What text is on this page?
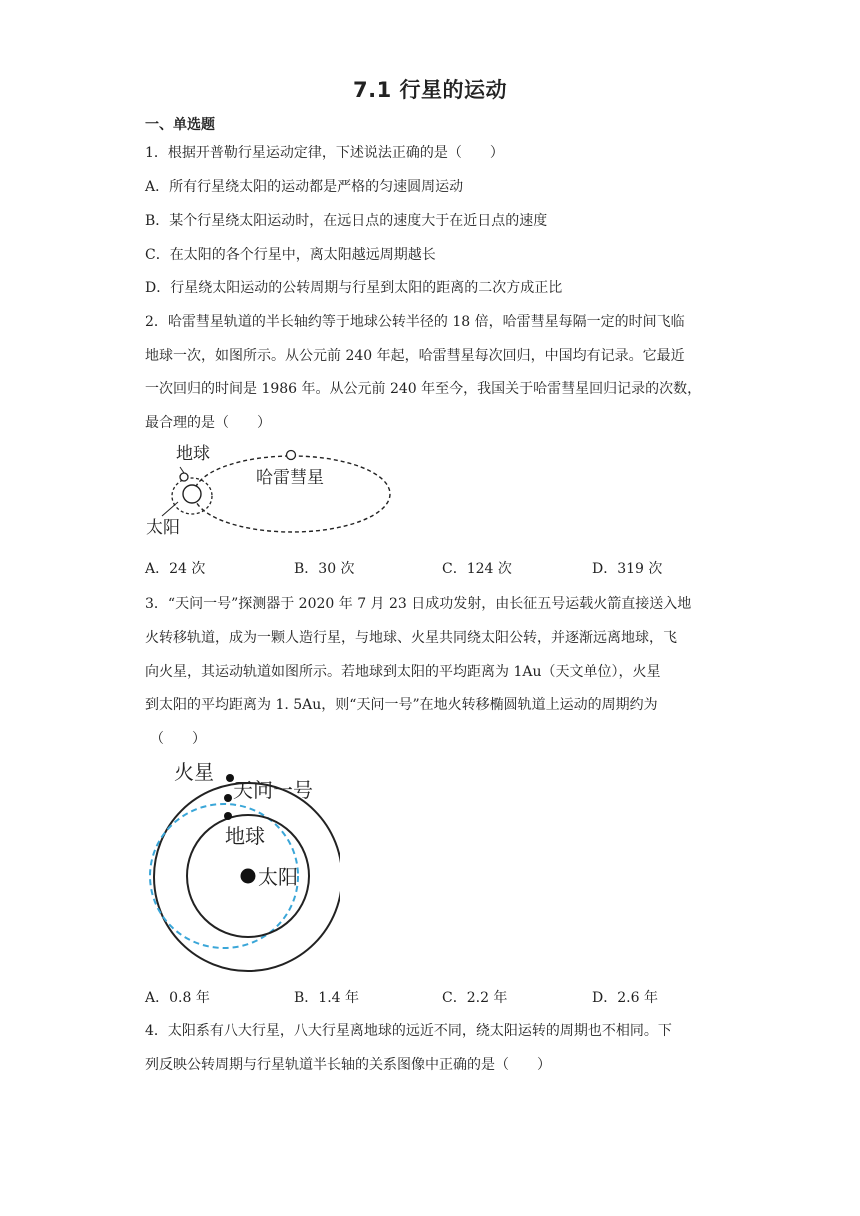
7.1 行星的运动
一、单选题
1．根据开普勒行星运动定律，下述说法正确的是（　　）
A．所有行星绕太阳的运动都是严格的匀速圆周运动
B．某个行星绕太阳运动时，在远日点的速度大于在近日点的速度
C．在太阳的各个行星中，离太阳越远周期越长
D．行星绕太阳运动的公转周期与行星到太阳的距离的二次方成正比
2．哈雷彗星轨道的半长轴约等于地球公转半径的 18 倍，哈雷彗星每隔一定的时间飞临
地球一次，如图所示。从公元前 240 年起，哈雷彗星每次回归，中国均有记录。它最近
一次回归的时间是 1986 年。从公元前 240 年至今，我国关于哈雷彗星回归记录的次数，
最合理的是（　　）
地球
哈雷彗星
太阳
A．24 次	B．30 次	C．124 次	D．319 次
3．“天问一号”探测器于 2020 年 7 月 23 日成功发射，由长征五号运载火箭直接送入地
火转移轨道，成为一颗人造行星，与地球、火星共同绕太阳公转，并逐渐远离地球，飞
向火星，其运动轨道如图所示。若地球到太阳的平均距离为 1Au（天文单位），火星
到太阳的平均距离为 1. 5Au，则“天问一号”在地火转移椭圆轨道上运动的周期约为
（　　）
火星
天问一号
地球
太阳
A．0.8 年	B．1.4 年	C．2.2 年	D．2.6 年
4．太阳系有八大行星，八大行星离地球的远近不同，绕太阳运转的周期也不相同。下
列反映公转周期与行星轨道半长轴的关系图像中正确的是（　　）
